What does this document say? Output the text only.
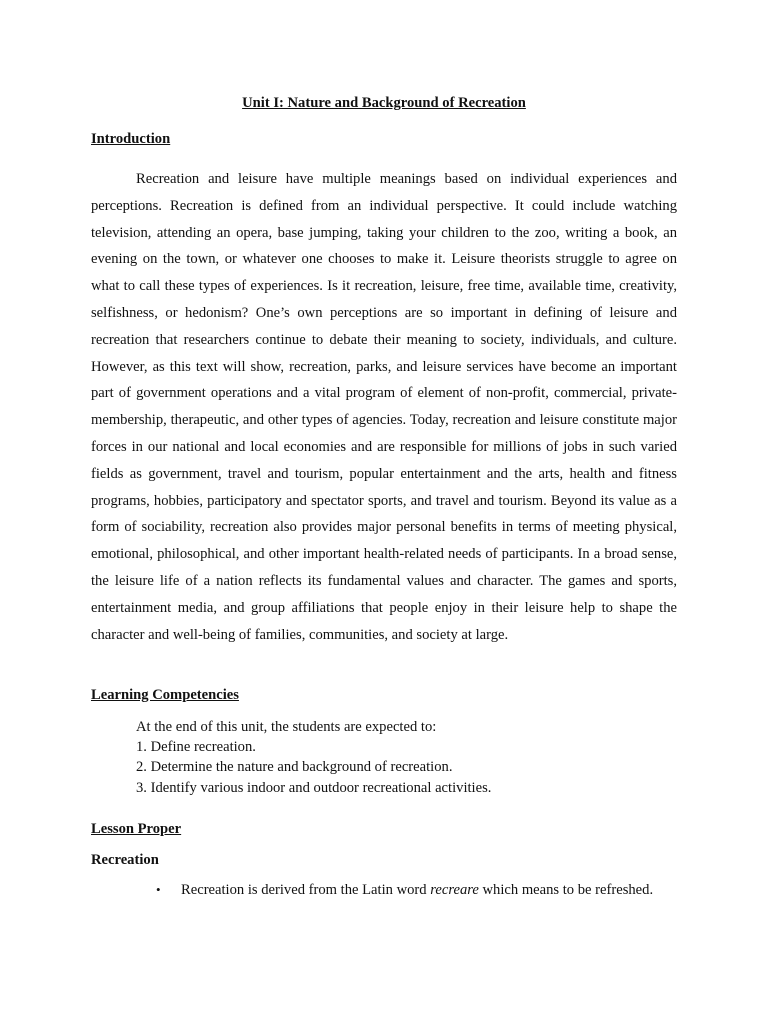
Unit I: Nature and Background of Recreation
Introduction

Recreation and leisure have multiple meanings based on individual experiences and perceptions. Recreation is defined from an individual perspective. It could include watching television, attending an opera, base jumping, taking your children to the zoo, writing a book, an evening on the town, or whatever one chooses to make it. Leisure theorists struggle to agree on what to call these types of experiences. Is it recreation, leisure, free time, available time, creativity, selfishness, or hedonism? One’s own perceptions are so important in defining of leisure and recreation that researchers continue to debate their meaning to society, individuals, and culture. However, as this text will show, recreation, parks, and leisure services have become an important part of government operations and a vital program of element of non-profit, commercial, private-membership, therapeutic, and other types of agencies. Today, recreation and leisure constitute major forces in our national and local economies and are responsible for millions of jobs in such varied fields as government, travel and tourism, popular entertainment and the arts, health and fitness programs, hobbies, participatory and spectator sports, and travel and tourism. Beyond its value as a form of sociability, recreation also provides major personal benefits in terms of meeting physical, emotional, philosophical, and other important health-related needs of participants. In a broad sense, the leisure life of a nation reflects its fundamental values and character. The games and sports, entertainment media, and group affiliations that people enjoy in their leisure help to shape the character and well-being of families, communities, and society at large.

Learning Competencies
At the end of this unit, the students are expected to:
1. Define recreation.
2. Determine the nature and background of recreation.
3. Identify various indoor and outdoor recreational activities.
Lesson Proper
Recreation
• Recreation is derived from the Latin word recreare which means to be refreshed.
